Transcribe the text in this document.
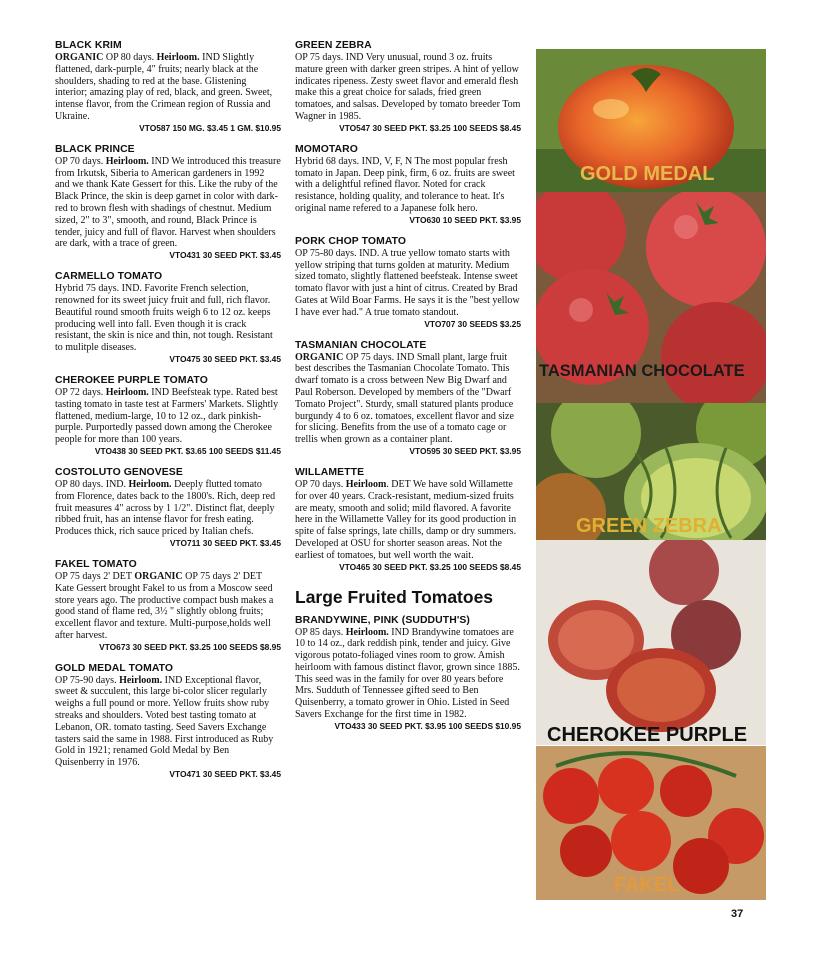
BLACK KRIM

ORGANIC OP 80 days. Heirloom. IND Slightly flattened, dark-purple, 4" fruits; nearly black at the shoulders, shading to red at the base. Glistening interior; amazing play of red, black, and green. Sweet, intense flavor, from the Crimean region of Russia and Ukraine.

VTO587 150 MG. $3.45 1 GM. $10.95

BLACK PRINCE

OP 70 days. Heirloom. IND We introduced this treasure from Irkutsk, Siberia to American gardeners in 1992 and we thank Kate Gessert for this. Like the ruby of the Black Prince, the skin is deep garnet in color with dark-red to brown flesh with shadings of chestnut. Medium sized, 2" to 3", smooth, and round, Black Prince is tender, juicy and full of flavor. Harvest when shoulders are dark, with a trace of green.

VTO431 30 SEED PKT. $3.45

CARMELLO TOMATO

Hybrid 75 days. IND. Favorite French selection, renowned for its sweet juicy fruit and full, rich flavor. Beautiful round smooth fruits weigh 6 to 12 oz. keeps producing well into fall. Even though it is crack resistant, the skin is nice and thin, not tough. Resistant to mulitple diseases.

VTO475 30 SEED PKT. $3.45

CHEROKEE PURPLE TOMATO

OP 72 days. Heirloom. IND Beefsteak type. Rated best tasting tomato in taste test at Farmers' Markets. Slightly flattened, medium-large, 10 to 12 oz., dark pinkish-purple. Purportedly passed down among the Cherokee people for more than 100 years.

VTO438 30 SEED PKT. $3.65 100 SEEDS $11.45

COSTOLUTO GENOVESE

OP 80 days. IND. Heirloom. Deeply flutted tomato from Florence, dates back to the 1800's. Rich, deep red fruit measures 4" across by 1 1/2". Distinct flat, deeply ribbed fruit, has an intense flavor for fresh eating. Produces thick, rich sauce priced by Italian chefs.

VTO711 30 SEED PKT. $3.45

FAKEL TOMATO

OP 75 days 2' DET ORGANIC OP 75 days 2' DET Kate Gessert brought Fakel to us from a Moscow seed store years ago. The productive compact bush makes a good stand of flame red, 3½ " slightly oblong fruits; excellent flavor and texture. Multi-purpose,holds well after harvest.

VTO673 30 SEED PKT. $3.25 100 SEEDS $8.95

GOLD MEDAL TOMATO

OP 75-90 days. Heirloom. IND Exceptional flavor, sweet & succulent, this large bi-color slicer regularly weighs a full pound or more. Yellow fruits show ruby streaks and shoulders. Voted best tasting tomato at Lebanon, OR. tomato tasting. Seed Savers Exchange tasters said the same in 1988. First introduced as Ruby Gold in 1921; renamed Gold Medal by Ben Quisenberry in 1976.

VTO471 30 SEED PKT. $3.45

GREEN ZEBRA

OP 75 days. IND Very unusual, round 3 oz. fruits mature green with darker green stripes. A hint of yellow indicates ripeness. Zesty sweet flavor and emerald flesh make this a great choice for salads, fried green tomatoes, and salsas. Developed by tomato breeder Tom Wagner in 1985.

VTO547 30 SEED PKT. $3.25 100 SEEDS $8.45

MOMOTARO

Hybrid 68 days. IND, V, F, N The most popular fresh tomato in Japan. Deep pink, firm, 6 oz. fruits are sweet with a delightful refined flavor. Noted for crack resistance, holding quality, and tolerance to heat. It's original name refered to a Japanese folk hero.

VTO630 10 SEED PKT. $3.95

PORK CHOP TOMATO

OP 75-80 days. IND. A true yellow tomato starts with yellow striping that turns golden at maturity. Medium sized tomato, slightly flattened beefsteak. Intense sweet tomato flavor with just a hint of citrus. Created by Brad Gates at Wild Boar Farms. He says it is the "best yellow I have ever had." A true tomato standout.

VTO707 30 SEEDS $3.25

TASMANIAN CHOCOLATE

ORGANIC OP 75 days. IND Small plant, large fruit best describes the Tasmanian Chocolate Tomato. This dwarf tomato is a cross between New Big Dwarf and Paul Roberson. Developed by members of the "Dwarf Tomato Project". Sturdy, small statured plants produce burgundy 4 to 6 oz. tomatoes, excellent flavor and size for slicing. Benefits from the use of a tomato cage or trellis when grown as a container plant.

VTO595 30 SEED PKT. $3.95

WILLAMETTE

OP 70 days. Heirloom. DET We have sold Willamette for over 40 years. Crack-resistant, medium-sized fruits are meaty, smooth and solid; mild flavored. A favorite here in the Willamette Valley for its good production in spite of false springs, late chills, damp or dry summers. Developed at OSU for shorter season areas. Not the earliest of tomatoes, but well worth the wait.

VTO465 30 SEED PKT. $3.25 100 SEEDS $8.45

Large Fruited Tomatoes

BRANDYWINE, PINK (SUDDUTH'S)

OP 85 days. Heirloom. IND Brandywine tomatoes are 10 to 14 oz., dark reddish pink, tender and juicy. Give vigorous potato-foliaged vines room to grow. Amish heirloom with famous distinct flavor, grown since 1885. This seed was in the family for over 80 years before Mrs. Sudduth of Tennessee gifted seed to Ben Quisenberry, a tomato grower in Ohio. Listed in Seed Savers Exchange for the first time in 1982.

VTO433 30 SEED PKT. $3.95 100 SEEDS $10.95

GOLD MEDAL
TASMANIAN CHOCOLATE
GREEN ZEBRA
CHEROKEE PURPLE
FAKEL
37
